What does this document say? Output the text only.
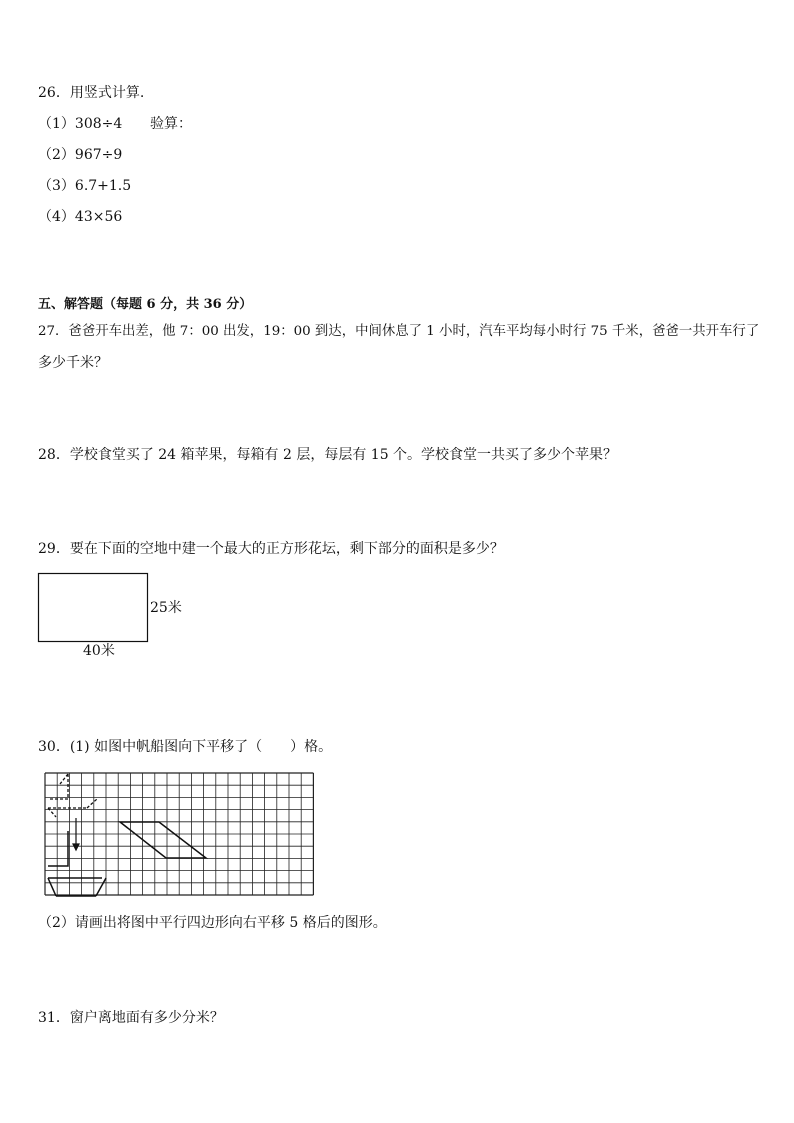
26．用竖式计算.
（1）308÷4 验算：
（2）967÷9
（3）6.7+1.5
（4）43×56
五、解答题（每题 6 分，共 36 分）
27．爸爸开车出差，他 7：00 出发，19：00 到达，中间休息了 1 小时，汽车平均每小时行 75 千米，爸爸一共开车行了
多少千米？
28．学校食堂买了 24 箱苹果，每箱有 2 层，每层有 15 个。学校食堂一共买了多少个苹果？
29．要在下面的空地中建一个最大的正方形花坛，剩下部分的面积是多少？
25米
40米
30．(1) 如图中帆船图向下平移了（　　）格。
（2）请画出将图中平行四边形向右平移 5 格后的图形。
31．窗户离地面有多少分米？
